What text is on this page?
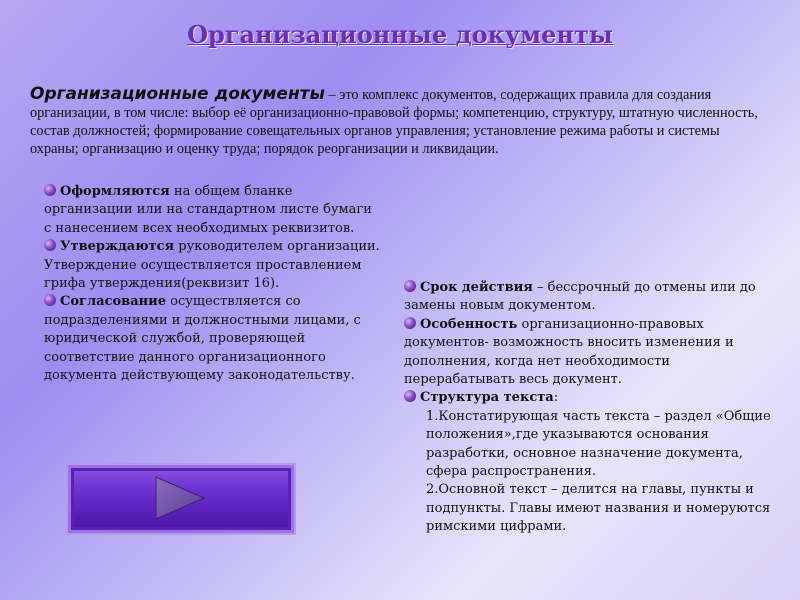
Организационные документы
Организационные документы – это комплекс документов, содержащих правила для создания организации, в том числе: выбор её организационно-правовой формы; компетенцию, структуру, штатную численность, состав должностей; формирование совещательных органов управления; установление режима работы и системы охраны; организацию и оценку труда; порядок реорганизации и ликвидации.

Оформляются на общем бланке организации или на стандартном листе бумаги с нанесением всех необходимых реквизитов.

Утверждаются руководителем организации. Утверждение осуществляется проставлением грифа утверждения(реквизит 16).

Согласование осуществляется со подразделениями и должностными лицами, с юридической службой, проверяющей соответствие данного организационного документа действующему законодательству.

Срок действия – бессрочный до отмены или до замены новым документом.

Особенность организационно-правовых документов- возможность вносить изменения и дополнения, когда нет необходимости перерабатывать весь документ.

Структура текста:

1.Констатирующая часть текста – раздел «Общие положения»,где указываются основания разработки, основное назначение документа, сфера распространения.

2.Основной текст – делится на главы, пункты и подпункты. Главы имеют названия и номеруются римскими цифрами.
